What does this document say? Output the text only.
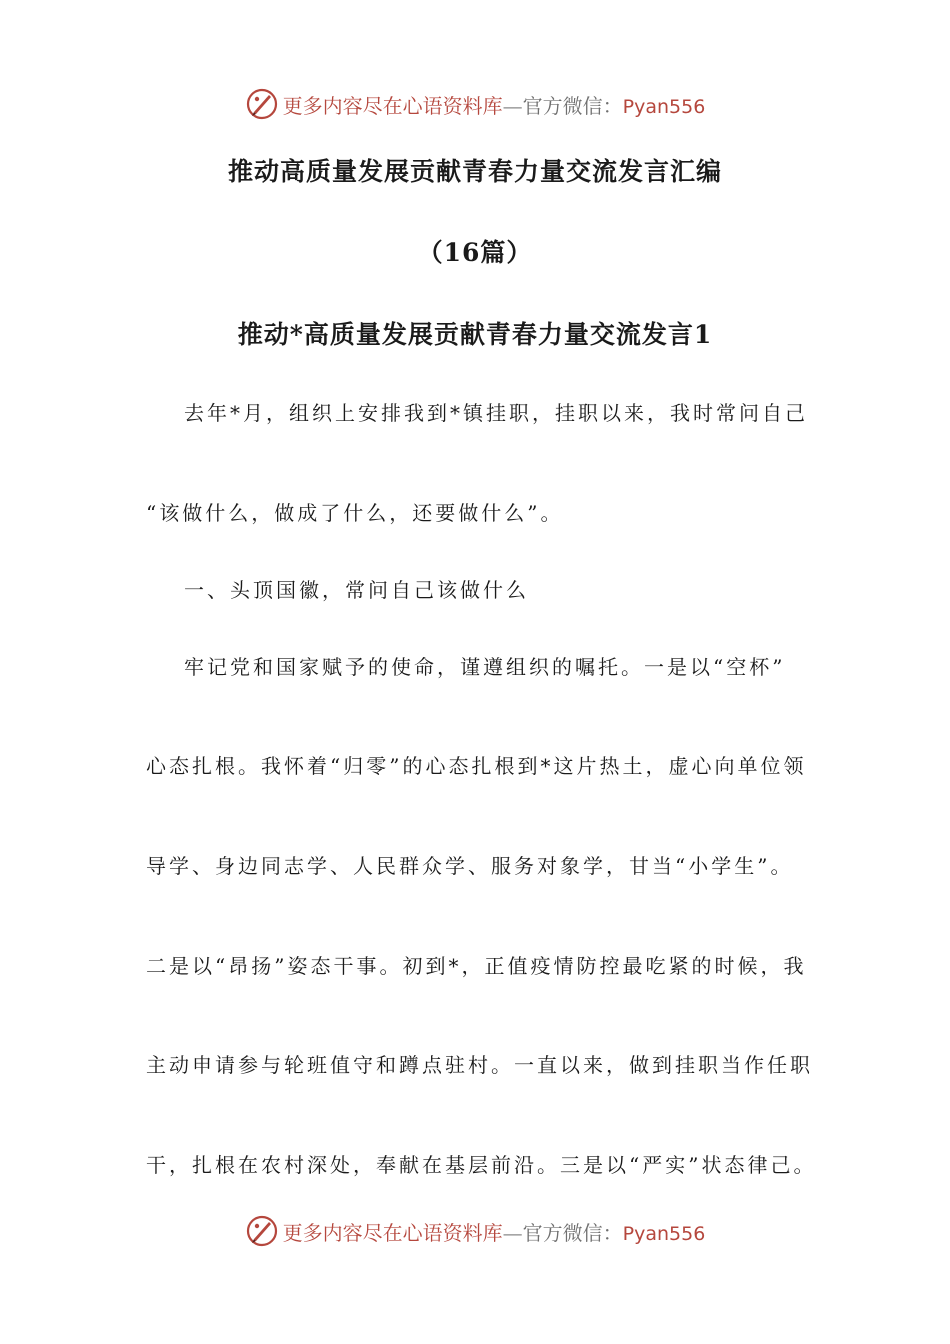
更多内容尽在心语资料库—官方微信：Pyan556
推动高质量发展贡献青春力量交流发言汇编
（16篇）
推动*高质量发展贡献青春力量交流发言1

去年*月，组织上安排我到*镇挂职，挂职以来，我时常问自己

“该做什么，做成了什么，还要做什么”。

一、头顶国徽，常问自己该做什么

牢记党和国家赋予的使命，谨遵组织的嘱托。一是以“空杯”

心态扎根。我怀着“归零”的心态扎根到*这片热土，虚心向单位领

导学、身边同志学、人民群众学、服务对象学，甘当“小学生”。

二是以“昂扬”姿态干事。初到*，正值疫情防控最吃紧的时候，我

主动申请参与轮班值守和蹲点驻村。一直以来，做到挂职当作任职

干，扎根在农村深处，奉献在基层前沿。三是以“严实”状态律己。

更多内容尽在心语资料库—官方微信：Pyan556
